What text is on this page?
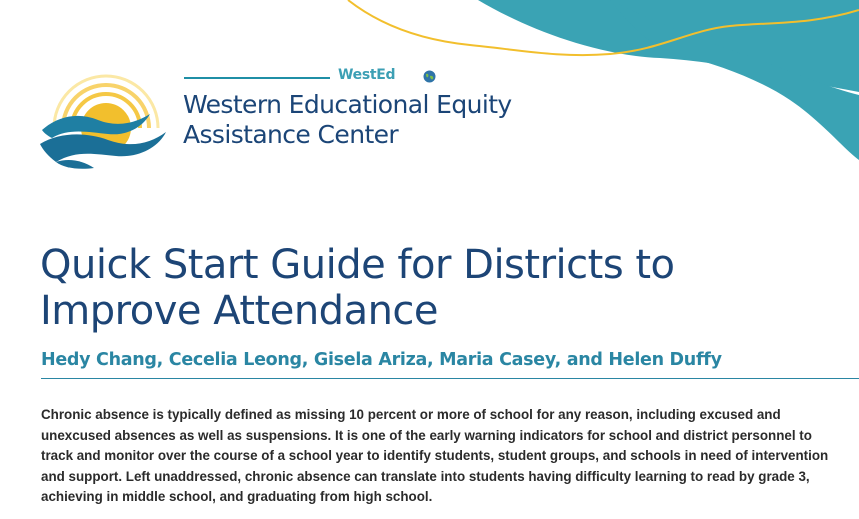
WestEd
Western Educational Equity Assistance Center
Quick Start Guide for Districts to Improve Attendance
Hedy Chang, Cecelia Leong, Gisela Ariza, Maria Casey, and Helen Duffy

Chronic absence is typically defined as missing 10 percent or more of school for any reason, including excused and unexcused absences as well as suspensions. It is one of the early warning indicators for school and district personnel to track and monitor over the course of a school year to identify students, student groups, and schools in need of intervention and support. Left unaddressed, chronic absence can translate into students having difficulty learning to read by grade 3, achieving in middle school, and graduating from high school.
